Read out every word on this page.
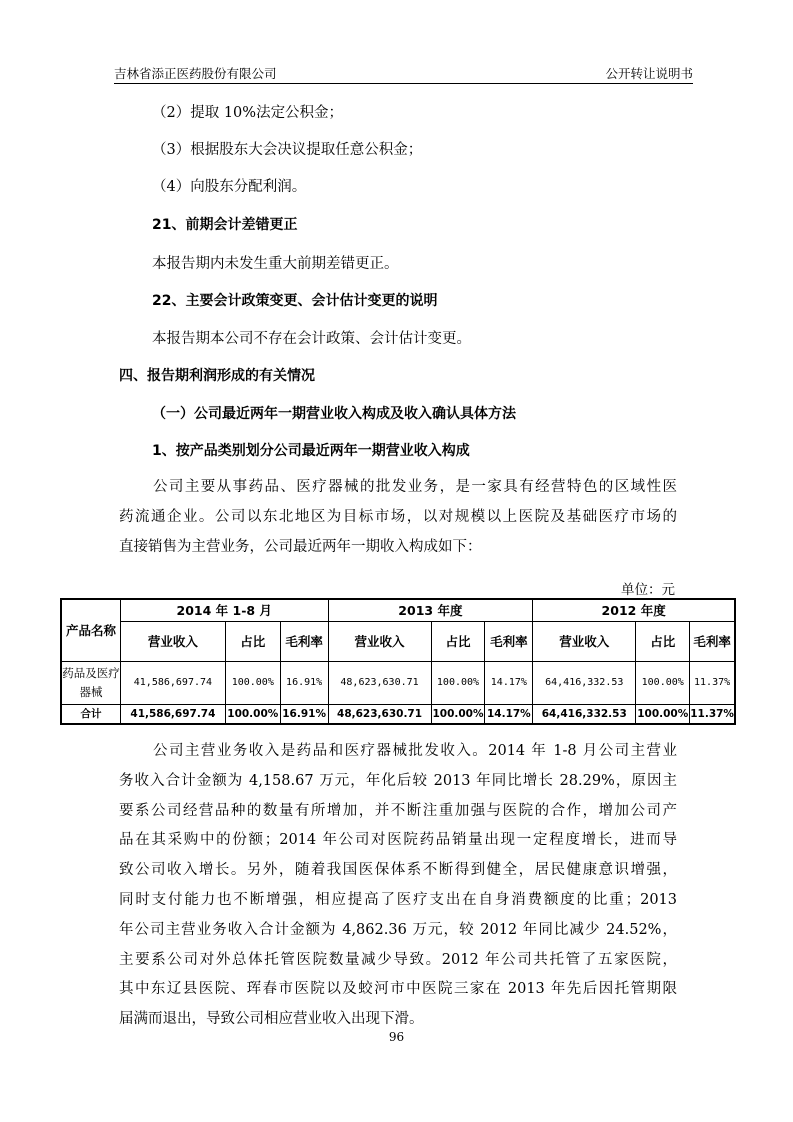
吉林省添正医药股份有限公司	公开转让说明书
（2）提取 10%法定公积金；
（3）根据股东大会决议提取任意公积金；
（4）向股东分配利润。
21、前期会计差错更正
本报告期内未发生重大前期差错更正。
22、主要会计政策变更、会计估计变更的说明
本报告期本公司不存在会计政策、会计估计变更。
四、报告期利润形成的有关情况
（一）公司最近两年一期营业收入构成及收入确认具体方法
1、按产品类别划分公司最近两年一期营业收入构成
公司主要从事药品、医疗器械的批发业务，是一家具有经营特色的区域性医
药流通企业。公司以东北地区为目标市场，以对规模以上医院及基础医疗市场的
直接销售为主营业务，公司最近两年一期收入构成如下：
单位：元
产品名称	2014 年 1-8 月			2013 年度			2012 年度		
	营业收入	占比	毛利率	营业收入	占比	毛利率	营业收入	占比	毛利率
药品及医疗器械	41,586,697.74	100.00%	16.91%	48,623,630.71	100.00%	14.17%	64,416,332.53	100.00%	11.37%
合计	41,586,697.74	100.00%	16.91%	48,623,630.71	100.00%	14.17%	64,416,332.53	100.00%	11.37%
公司主营业务收入是药品和医疗器械批发收入。2014 年 1-8 月公司主营业
务收入合计金额为 4,158.67 万元，年化后较 2013 年同比增长 28.29%，原因主
要系公司经营品种的数量有所增加，并不断注重加强与医院的合作，增加公司产
品在其采购中的份额；2014 年公司对医院药品销量出现一定程度增长，进而导
致公司收入增长。另外，随着我国医保体系不断得到健全，居民健康意识增强，
同时支付能力也不断增强，相应提高了医疗支出在自身消费额度的比重；2013
年公司主营业务收入合计金额为 4,862.36 万元，较 2012 年同比减少 24.52%，
主要系公司对外总体托管医院数量减少导致。2012 年公司共托管了五家医院，
其中东辽县医院、珲春市医院以及蛟河市中医院三家在 2013 年先后因托管期限
届满而退出，导致公司相应营业收入出现下滑。
96
